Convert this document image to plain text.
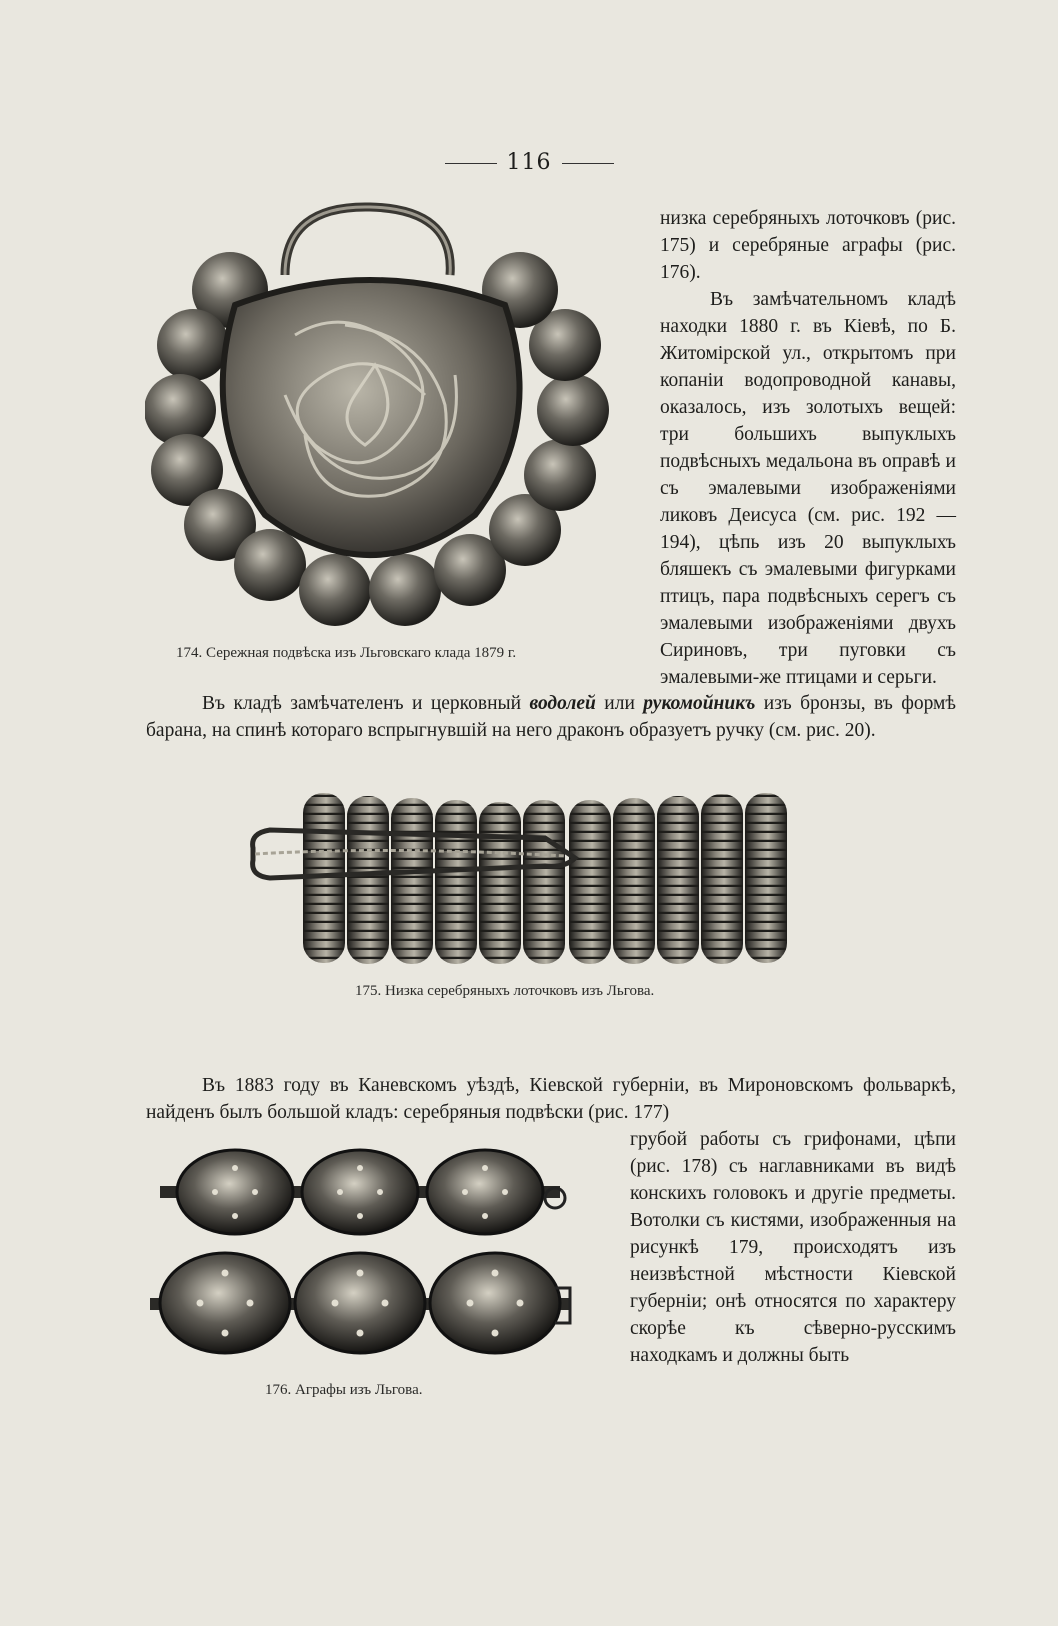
116
174. Сережная подвѣска изъ Льговскаго клада 1879 г.

низка серебряныхъ лоточковъ (рис. 175) и серебряные аграфы (рис. 176).

Въ замѣчательномъ кладѣ находки 1880 г. въ Кіевѣ, по Б. Житомірской ул., открытомъ при копаніи водопроводной канавы, оказалось, изъ золотыхъ вещей: три большихъ выпуклыхъ подвѣсныхъ медальона въ оправѣ и съ эмалевыми изображеніями ликовъ Деисуса (см. рис. 192 — 194), цѣпь изъ 20 выпуклыхъ бляшекъ съ эмалевыми фигурками птицъ, пара подвѣсныхъ серегъ съ эмалевыми изображеніями двухъ Сириновъ, три пуговки съ эмалевыми-же птицами и серьги.

Въ кладѣ замѣчателенъ и церковный водолей или рукомойникъ изъ бронзы, въ формѣ барана, на спинѣ котораго вспрыгнувшій на него драконъ образуетъ ручку (см. рис. 20).

175. Низка серебряныхъ лоточковъ изъ Льгова.

Въ 1883 году въ Каневскомъ уѣздѣ, Кіевской губерніи, въ Мироновскомъ фольваркѣ, найденъ былъ большой кладъ: серебряныя подвѣски (рис. 177)

грубой работы съ грифонами, цѣпи (рис. 178) съ наглавниками въ видѣ конскихъ головокъ и другіе предметы. Вотолки съ кистями, изображенныя на рисункѣ 179, происходятъ изъ неизвѣстной мѣстности Кіевской губерніи; онѣ относятся по характеру скорѣе къ сѣверно-русскимъ находкамъ и должны быть

176. Аграфы изъ Льгова.
